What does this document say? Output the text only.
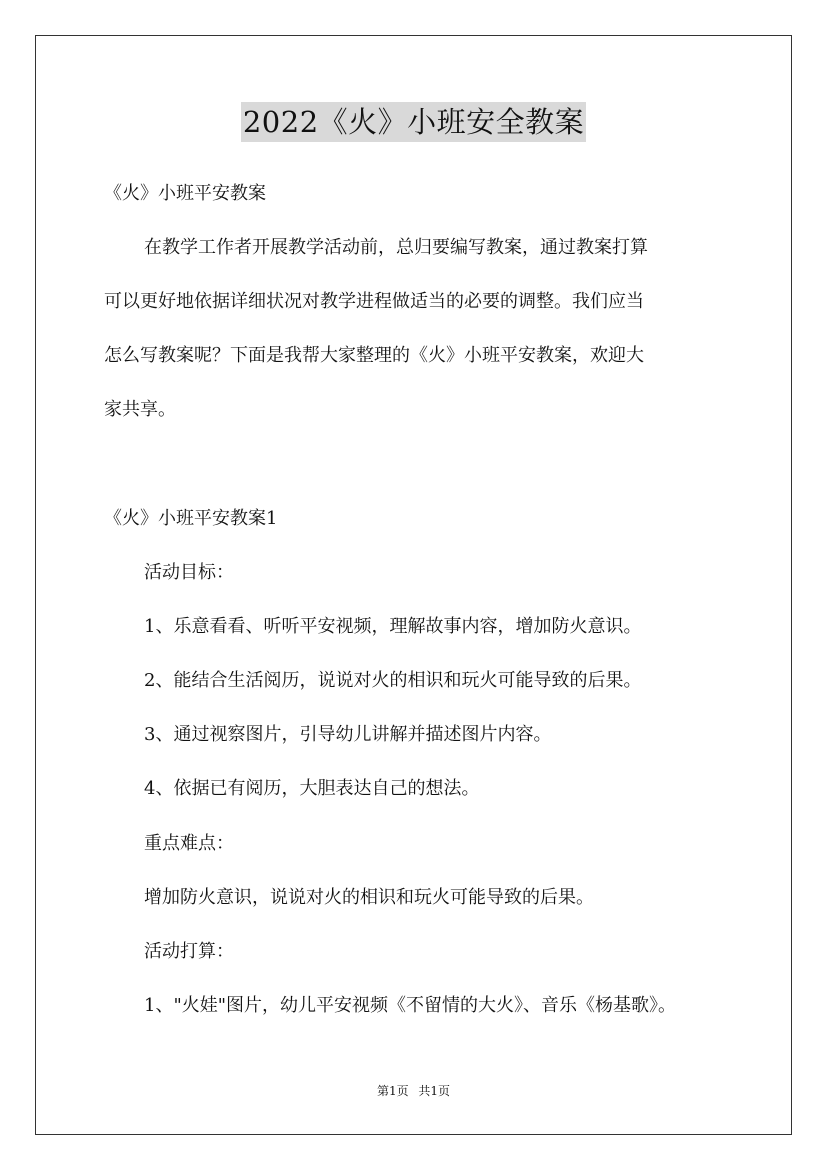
2022《火》小班安全教案
《火》小班平安教案
在教学工作者开展教学活动前，总归要编写教案，通过教案打算
可以更好地依据详细状况对教学进程做适当的必要的调整。我们应当
怎么写教案呢？下面是我帮大家整理的《火》小班平安教案，欢迎大
家共享。
《火》小班平安教案1
活动目标：
1、乐意看看、听听平安视频，理解故事内容，增加防火意识。
2、能结合生活阅历，说说对火的相识和玩火可能导致的后果。
3、通过视察图片，引导幼儿讲解并描述图片内容。
4、依据已有阅历，大胆表达自己的想法。
重点难点：
增加防火意识，说说对火的相识和玩火可能导致的后果。
活动打算：
1、"火娃"图片，幼儿平安视频《不留情的大火》、音乐《杨基歌》。
第1页 共1页
